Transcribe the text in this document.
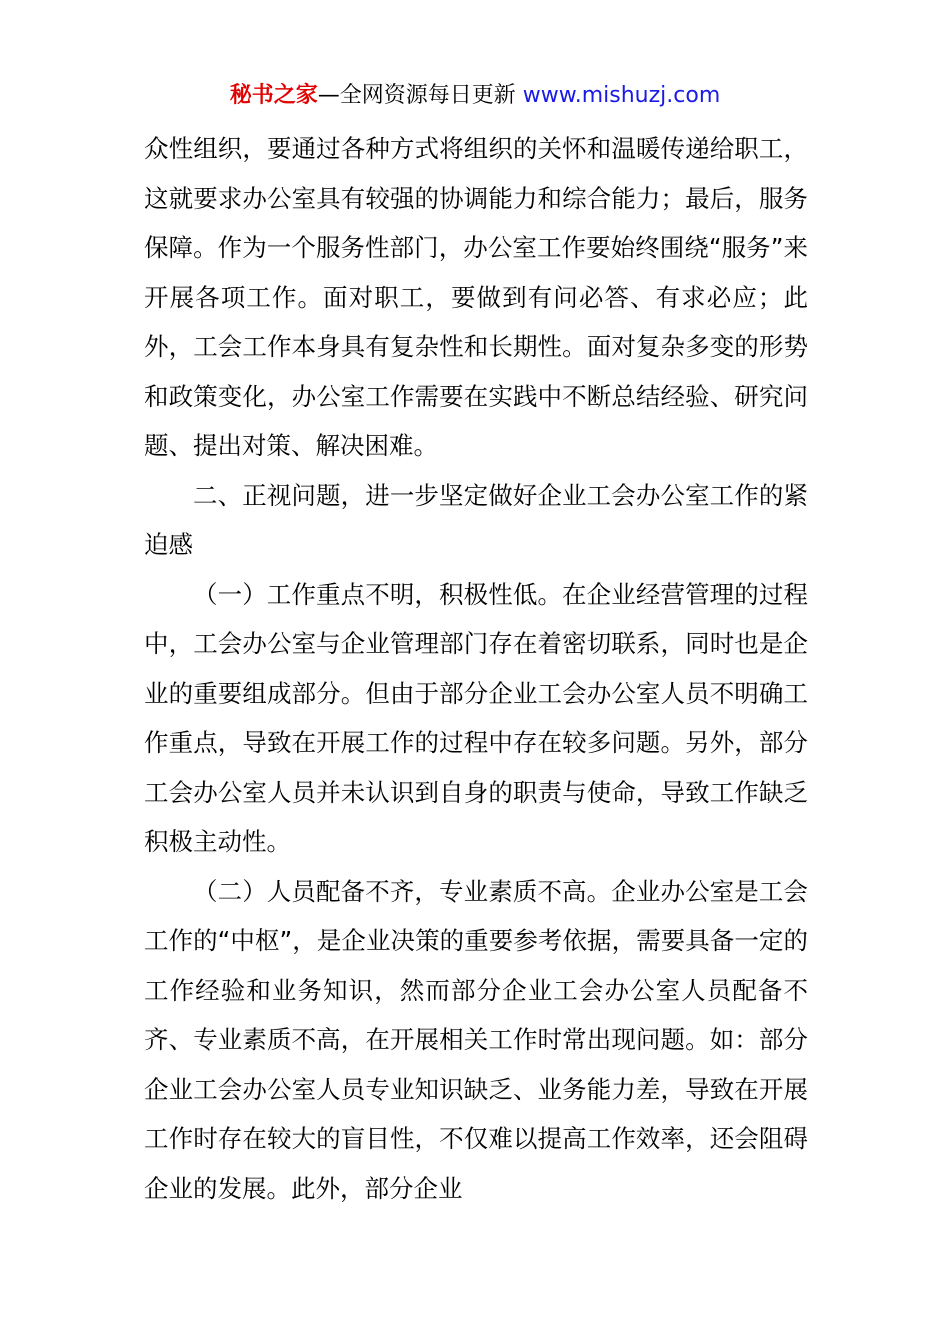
秘书之家—全网资源每日更新 www.mishuzj.com

众性组织，要通过各种方式将组织的关怀和温暖传递给职工，这就要求办公室具有较强的协调能力和综合能力；最后，服务保障。作为一个服务性部门，办公室工作要始终围绕“服务”来开展各项工作。面对职工，要做到有问必答、有求必应；此外，工会工作本身具有复杂性和长期性。面对复杂多变的形势和政策变化，办公室工作需要在实践中不断总结经验、研究问题、提出对策、解决困难。

二、正视问题，进一步坚定做好企业工会办公室工作的紧迫感

（一）工作重点不明，积极性低。在企业经营管理的过程中，工会办公室与企业管理部门存在着密切联系，同时也是企业的重要组成部分。但由于部分企业工会办公室人员不明确工作重点，导致在开展工作的过程中存在较多问题。另外，部分工会办公室人员并未认识到自身的职责与使命，导致工作缺乏积极主动性。

（二）人员配备不齐，专业素质不高。企业办公室是工会工作的“中枢”，是企业决策的重要参考依据，需要具备一定的工作经验和业务知识，然而部分企业工会办公室人员配备不齐、专业素质不高，在开展相关工作时常出现问题。如：部分企业工会办公室人员专业知识缺乏、业务能力差，导致在开展工作时存在较大的盲目性，不仅难以提高工作效率，还会阻碍企业的发展。此外，部分企业
